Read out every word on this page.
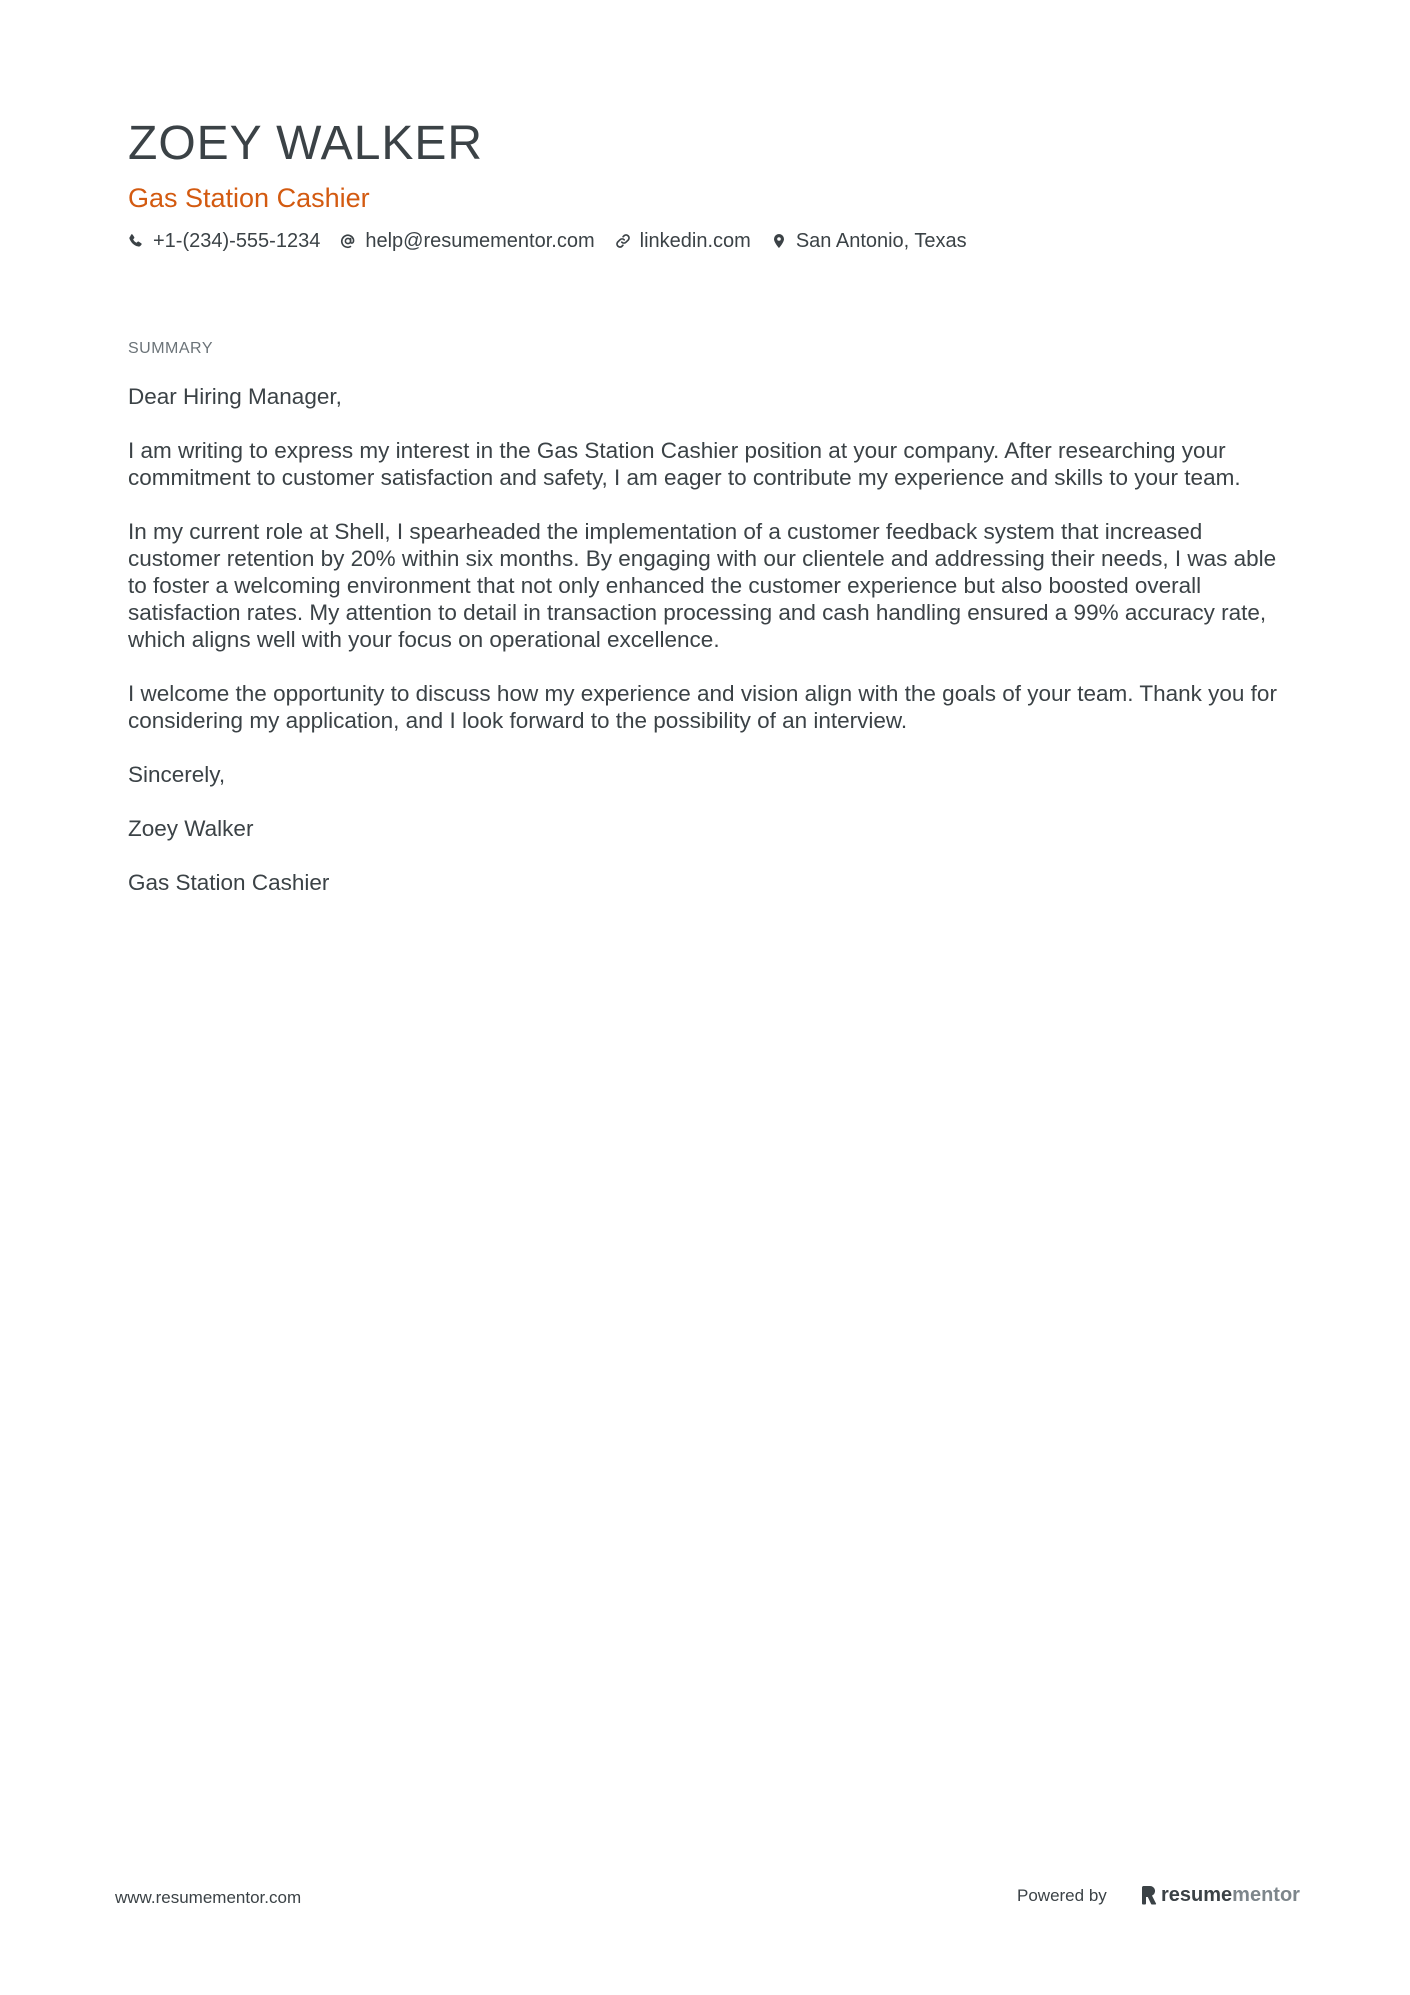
ZOEY WALKER
Gas Station Cashier
+1-(234)-555-1234 help@resumementor.com linkedin.com San Antonio, Texas
SUMMARY

Dear Hiring Manager,

I am writing to express my interest in the Gas Station Cashier position at your company. After researching your commitment to customer satisfaction and safety, I am eager to contribute my experience and skills to your team.

In my current role at Shell, I spearheaded the implementation of a customer feedback system that increased customer retention by 20% within six months. By engaging with our clientele and addressing their needs, I was able to foster a welcoming environment that not only enhanced the customer experience but also boosted overall satisfaction rates. My attention to detail in transaction processing and cash handling ensured a 99% accuracy rate, which aligns well with your focus on operational excellence.

I welcome the opportunity to discuss how my experience and vision align with the goals of your team. Thank you for considering my application, and I look forward to the possibility of an interview.

Sincerely,

Zoey Walker

Gas Station Cashier

www.resumementor.com	Powered by	resume mentor
